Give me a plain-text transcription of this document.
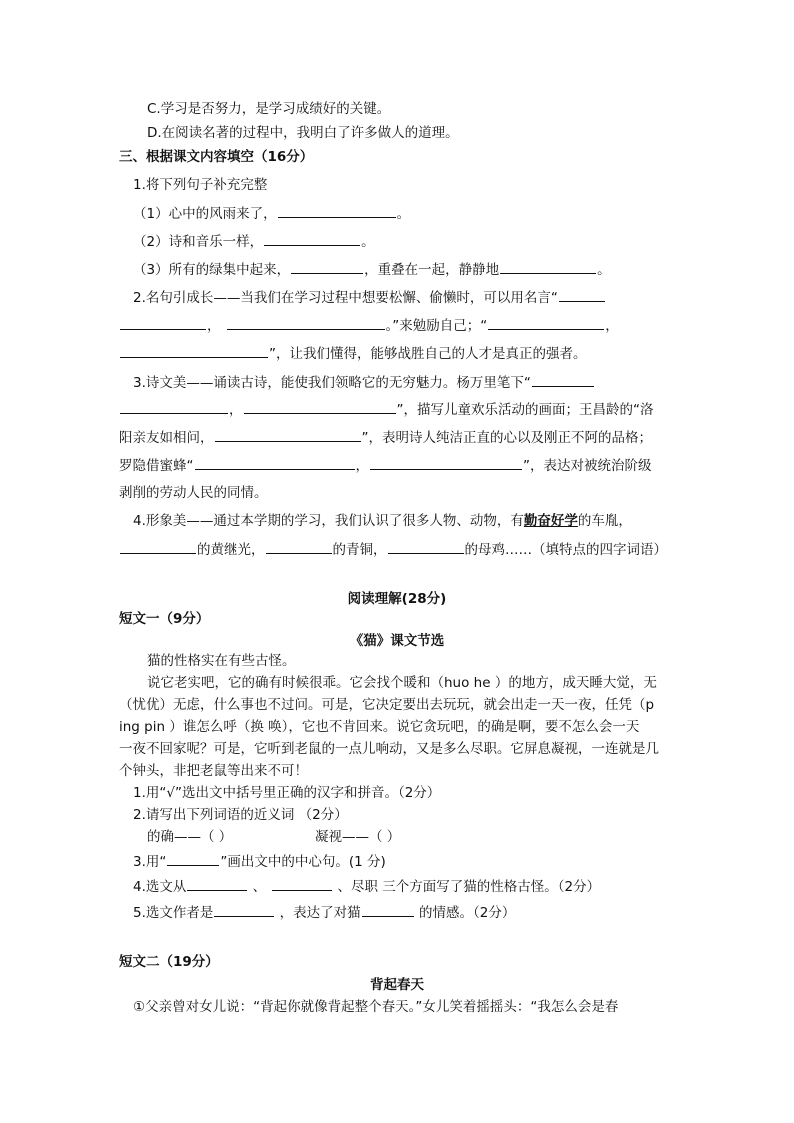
C.学习是否努力，是学习成绩好的关键。
D.在阅读名著的过程中，我明白了许多做人的道理。
三、根据课文内容填空（16分）
1.将下列句子补充完整
（1）心中的风雨来了，	。
（2）诗和音乐一样，	。
（3）所有的绿集中起来，	，重叠在一起，静静地	。
2.名句引成长——当我们在学习过程中想要松懈、偷懒时，可以用名言“
，	。”来勉励自己；“	，
”，让我们懂得，能够战胜自己的人才是真正的强者。
3.诗文美——诵读古诗，能使我们领略它的无穷魅力。杨万里笔下“
，	”，描写儿童欢乐活动的画面；王昌龄的“洛
阳亲友如相问，	”，表明诗人纯洁正直的心以及刚正不阿的品格；
罗隐借蜜蜂“	，	”，表达对被统治阶级
剥削的劳动人民的同情。
4.形象美——通过本学期的学习，我们认识了很多人物、动物，有勤奋好学的车胤，
的黄继光，	的青铜，	的母鸡……（填特点的四字词语）
阅读理解(28分)
短文一（9分）
《猫》课文节选
猫的性格实在有些古怪。
说它老实吧，它的确有时候很乖。它会找个暖和（huo he ）的地方，成天睡大觉，无
（忧优）无虑，什么事也不过问。可是，它决定要出去玩玩，就会出走一天一夜，任凭（p
ing pin ）谁怎么呼（换 唤），它也不肯回来。说它贪玩吧，的确是啊，要不怎么会一天
一夜不回家呢？可是，它听到老鼠的一点儿响动，又是多么尽职。它屏息凝视，一连就是几
个钟头，非把老鼠等出来不可！
1.用“√”选出文中括号里正确的汉字和拼音。（2分）
2.请写出下列词语的近义词 （2分）
的确——（ ）	凝视——（ ）
3.用“	”画出文中的中心句。(1 分)
4.选文从	、	、尽职 三个方面写了猫的性格古怪。（2分）
5.选文作者是	，表达了对猫	的情感。（2分）
短文二（19分）
背起春天
①父亲曾对女儿说：“背起你就像背起整个春天。”女儿笑着摇摇头：“我怎么会是春
